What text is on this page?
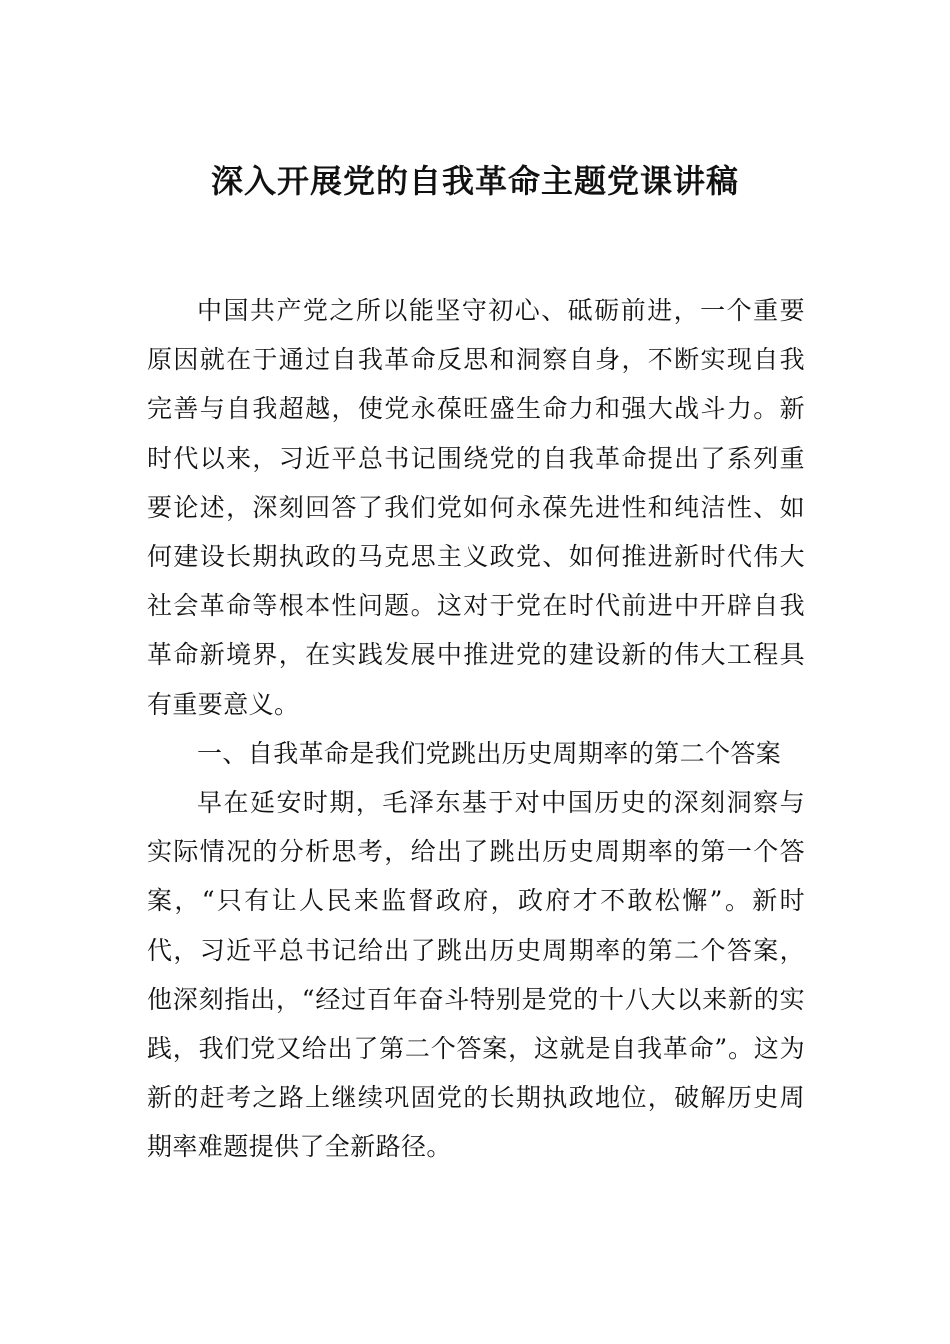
深入开展党的自我革命主题党课讲稿

中国共产党之所以能坚守初心、砥砺前进，一个重要原因就在于通过自我革命反思和洞察自身，不断实现自我完善与自我超越，使党永葆旺盛生命力和强大战斗力。新时代以来，习近平总书记围绕党的自我革命提出了系列重要论述，深刻回答了我们党如何永葆先进性和纯洁性、如何建设长期执政的马克思主义政党、如何推进新时代伟大社会革命等根本性问题。这对于党在时代前进中开辟自我革命新境界，在实践发展中推进党的建设新的伟大工程具有重要意义。

一、自我革命是我们党跳出历史周期率的第二个答案

早在延安时期，毛泽东基于对中国历史的深刻洞察与实际情况的分析思考，给出了跳出历史周期率的第一个答案，“只有让人民来监督政府，政府才不敢松懈”。新时代，习近平总书记给出了跳出历史周期率的第二个答案，他深刻指出，“经过百年奋斗特别是党的十八大以来新的实践，我们党又给出了第二个答案，这就是自我革命”。这为新的赶考之路上继续巩固党的长期执政地位，破解历史周期率难题提供了全新路径。
